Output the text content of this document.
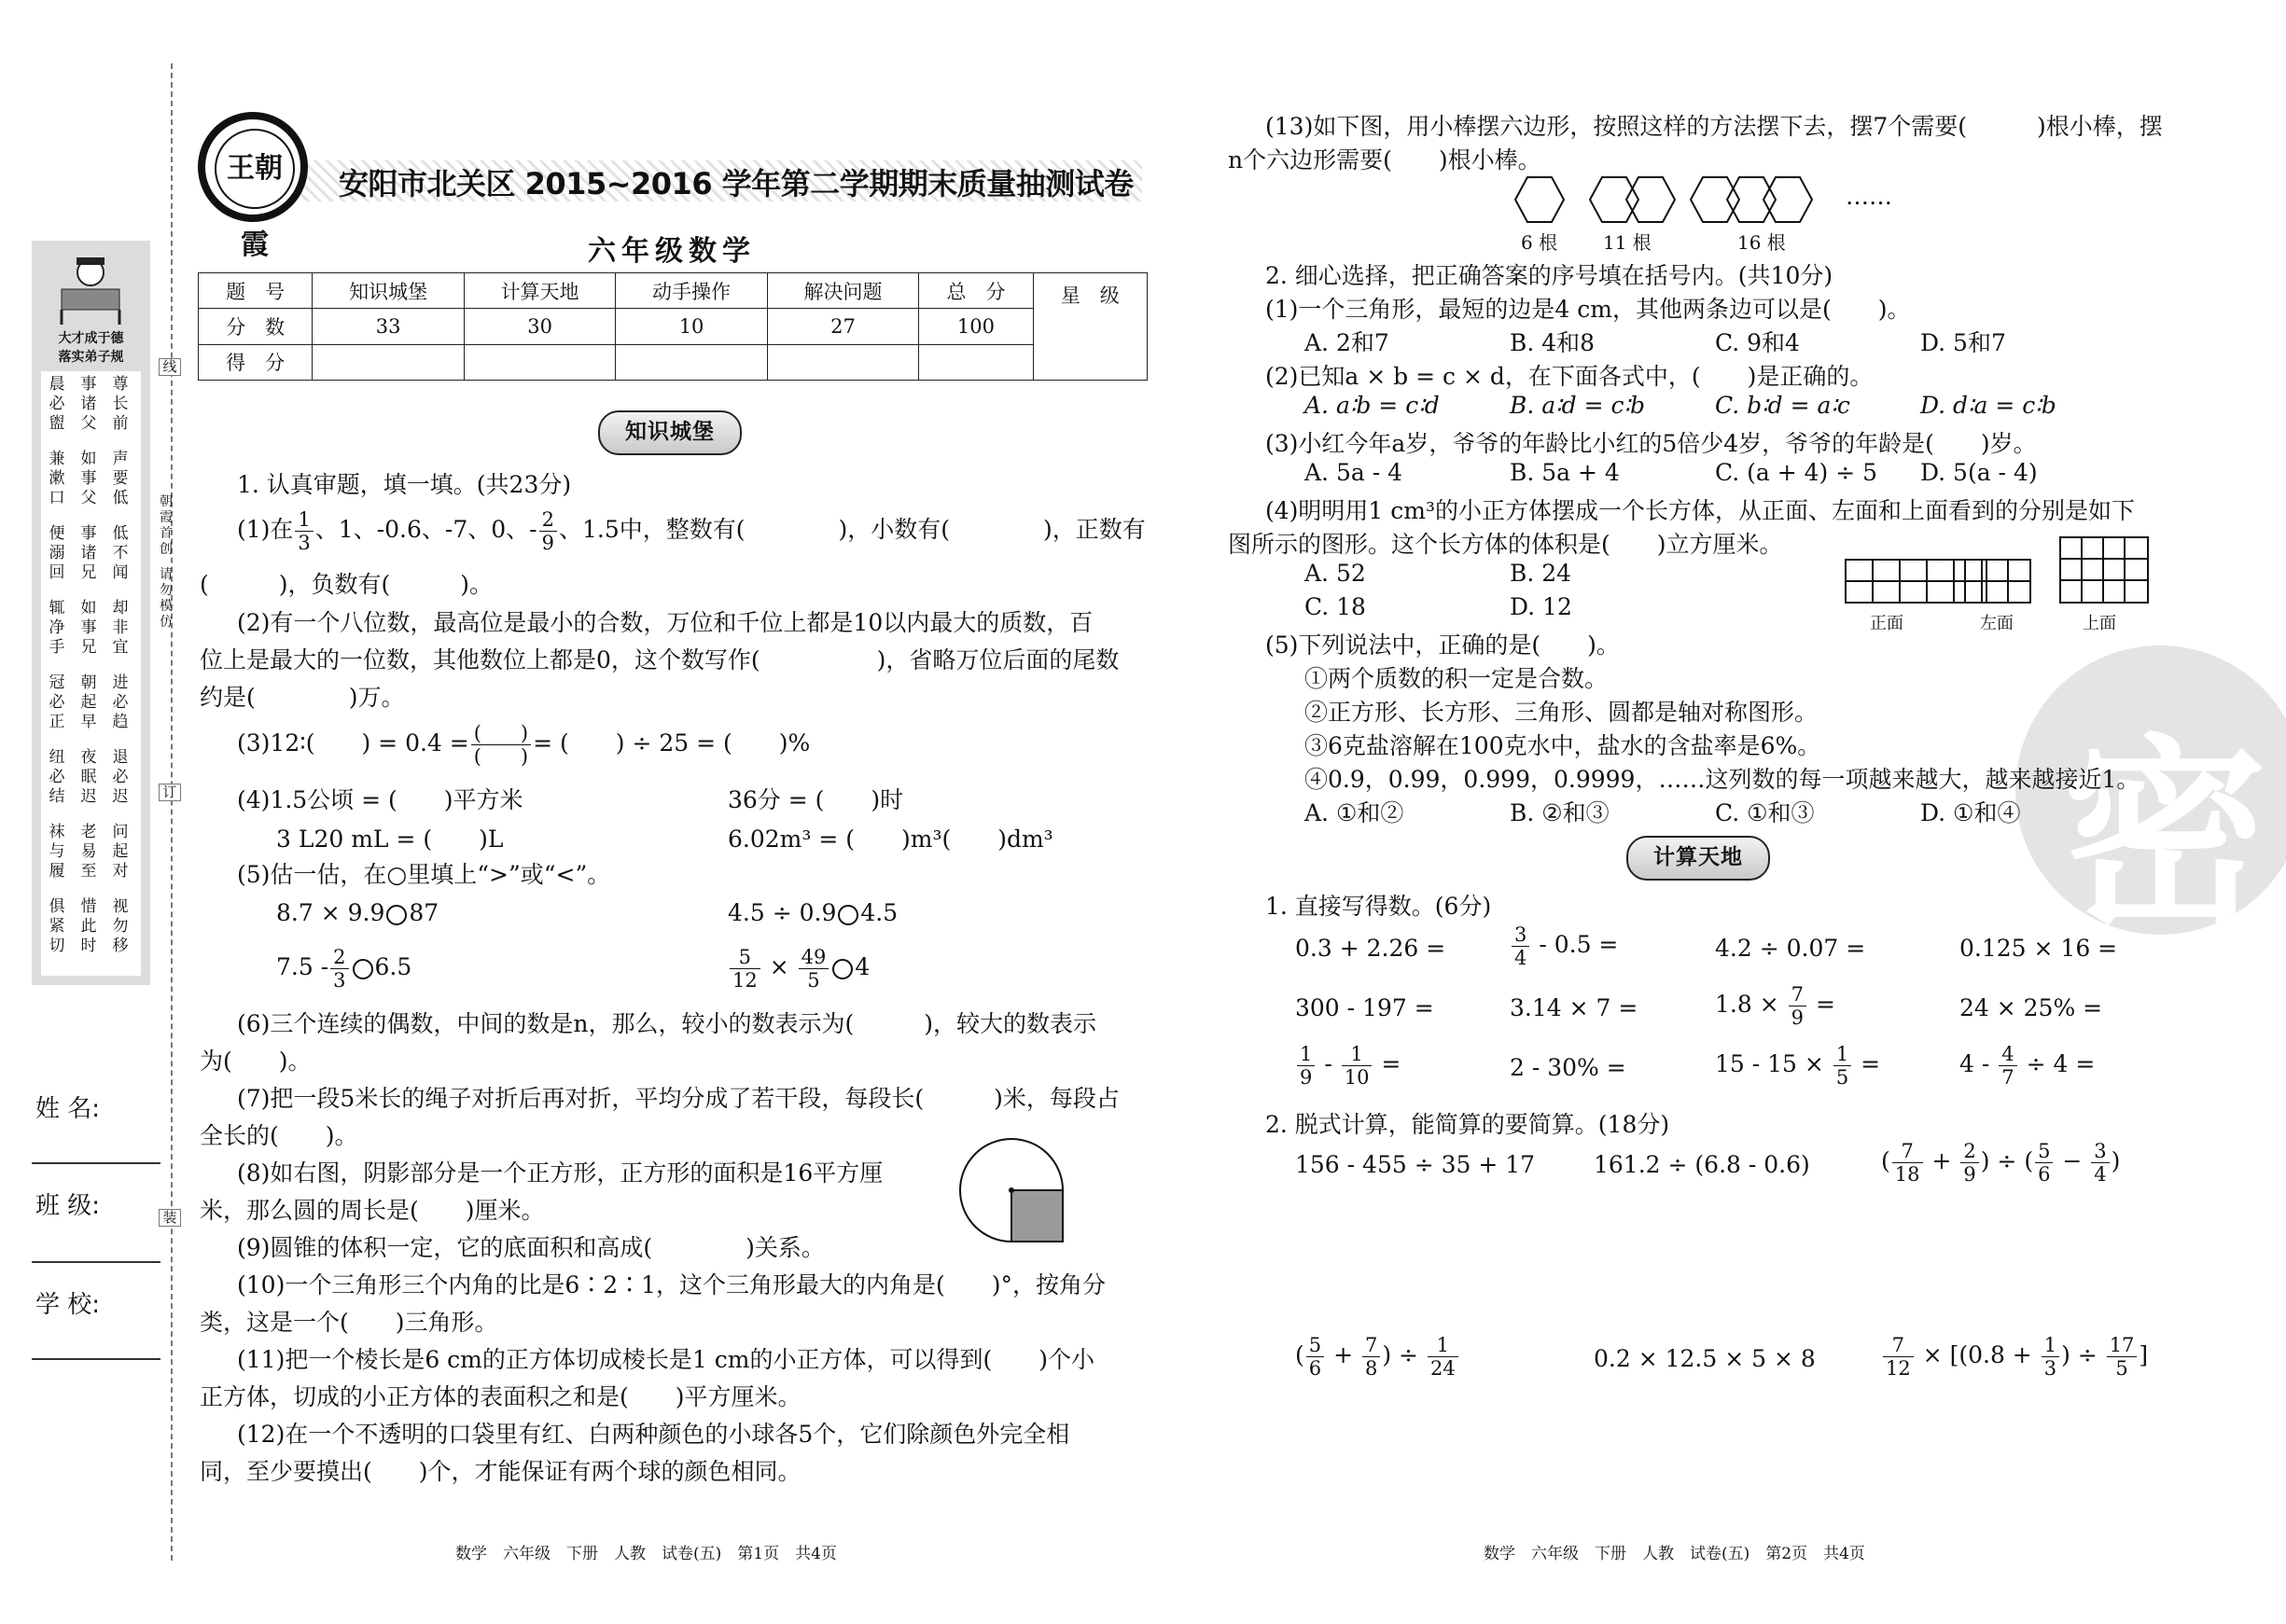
大才成于德
落实弟子规
晨必盥
事诸父
尊长前
兼漱口
如事父
声要低
便溺回
事诸兄
低不闻
辄净手
如事兄
却非宜
冠必正
朝起早
进必趋
纽必结
夜眠迟
退必迟
袜与履
老易至
问起对
俱紧切
惜此时
视勿移
线
订
装
朝霞首创
请勿模仿
姓 名:
班 级:
学 校:
王朝霞
安阳市北关区 2015~2016 学年第二学期期末质量抽测试卷
六年级数学
题　号	知识城堡	计算天地	动手操作	解决问题	总　分	星　级
分　数	33	30	10	27	100	
得　分						
知识城堡
1. 认真审题，填一填。(共23分)
(1)在 $\frac{1}{3}$ 、1、-0.6、-7、0、- $\frac{2}{9}$ 、1.5中，整数有(　　　　)，小数有(　　　　)，正数有
(　　　)，负数有(　　　)。
(2)有一个八位数，最高位是最小的合数，万位和千位上都是10以内最大的质数，百
位上是最大的一位数，其他数位上都是0，这个数写作(　　　　　)，省略万位后面的尾数
约是(　　　　)万。
(3)12∶(　　) = 0.4 = (　　)
(　　) = (　　) ÷ 25 = (　　)%
(4)1.5公顷 = (　　)平方米	36分 = (　　)时
3 L20 mL = (　　)L	6.02m³ = (　　)m³(　　)dm³
(5)估一估，在○里填上“>”或“<”。
8.7 × 9.9 87	4.5 ÷ 0.9 4.5
$7.5 - \frac{2}{3} 6.5$	$\frac{5}{12} \times \frac{49}{5} 4$
(6)三个连续的偶数，中间的数是n，那么，较小的数表示为(　　　)，较大的数表示
为(　　)。
(7)把一段5米长的绳子对折后再对折，平均分成了若干段，每段长(　　　)米，每段占
全长的(　　)。
(8)如右图，阴影部分是一个正方形，正方形的面积是16平方厘
米，那么圆的周长是(　　)厘米。
(9)圆锥的体积一定，它的底面积和高成(　　　　)关系。
(10)一个三角形三个内角的比是6∶2∶1，这个三角形最大的内角是(　　)°，按角分
类，这是一个(　　)三角形。
(11)把一个棱长是6 cm的正方体切成棱长是1 cm的小正方体，可以得到(　　)个小
正方体，切成的小正方体的表面积之和是(　　)平方厘米。
(12)在一个不透明的口袋里有红、白两种颜色的小球各5个，它们除颜色外完全相
同，至少要摸出(　　)个，才能保证有两个球的颜色相同。
数学　六年级　下册　人教　试卷(五)　第1页　共4页
密
(13)如下图，用小棒摆六边形，按照这样的方法摆下去，摆7个需要(　　　)根小棒，摆
n个六边形需要(　　)根小棒。
……
6 根 11 根	16 根
2. 细心选择，把正确答案的序号填在括号内。(共10分)
(1)一个三角形，最短的边是4 cm，其他两条边可以是(　　)。
A. 2和7	B. 4和8	C. 9和4	D. 5和7
(2)已知a × b = c × d，在下面各式中，(　　)是正确的。
A. a∶b = c∶d	B. a∶d = c∶b	C. b∶d = a∶c	D. d∶a = c∶b
(3)小红今年a岁，爷爷的年龄比小红的5倍少4岁，爷爷的年龄是(　　)岁。
A. 5a - 4	B. 5a + 4	C. (a + 4) ÷ 5 D. 5(a - 4)
(4)明明用1 cm³的小正方体摆成一个长方体，从正面、左面和上面看到的分别是如下
图所示的图形。这个长方体的体积是(　　)立方厘米。
A. 52	B. 24
C. 18	D. 12
正面	左面	上面
(5)下列说法中，正确的是(　　)。
①两个质数的积一定是合数。
②正方形、长方形、三角形、圆都是轴对称图形。
③6克盐溶解在100克水中，盐水的含盐率是6%。
④0.9，0.99，0.999，0.9999，……这列数的每一项越来越大，越来越接近1。
A. ①和②	B. ②和③	C. ①和③	D. ①和④
计算天地
1. 直接写得数。(6分)
0.3 + 2.26 =	$\frac{3}{4} - 0.5$ =	4.2 ÷ 0.07 =	0.125 × 16 =
300 - 197 =	3.14 × 7 =	$1.8 \times \frac{7}{9}$ =	24 × 25% =
$\frac{1}{9} - \frac{1}{10}$ =	2 - 30% =	$15 - 15 \times \frac{1}{5}$ =	$4 - \frac{4}{7} \div 4$ =
2. 脱式计算，能简算的要简算。(18分)
156 - 455 ÷ 35 + 17	161.2 ÷ (6.8 - 0.6)	( $\frac{7}{18} + \frac{2}{9}$ ) ÷ ( $\frac{5}{6} - \frac{3}{4}$ )
( $\frac{5}{6} + \frac{7}{8}$ ) ÷ $\frac{1}{24}$	0.2 × 12.5 × 5 × 8	$\frac{7}{12} \times [(0.8 + \frac{1}{3}$ ) ÷ $\frac{17}{5}$ ]
数学　六年级　下册　人教　试卷(五)　第2页　共4页
